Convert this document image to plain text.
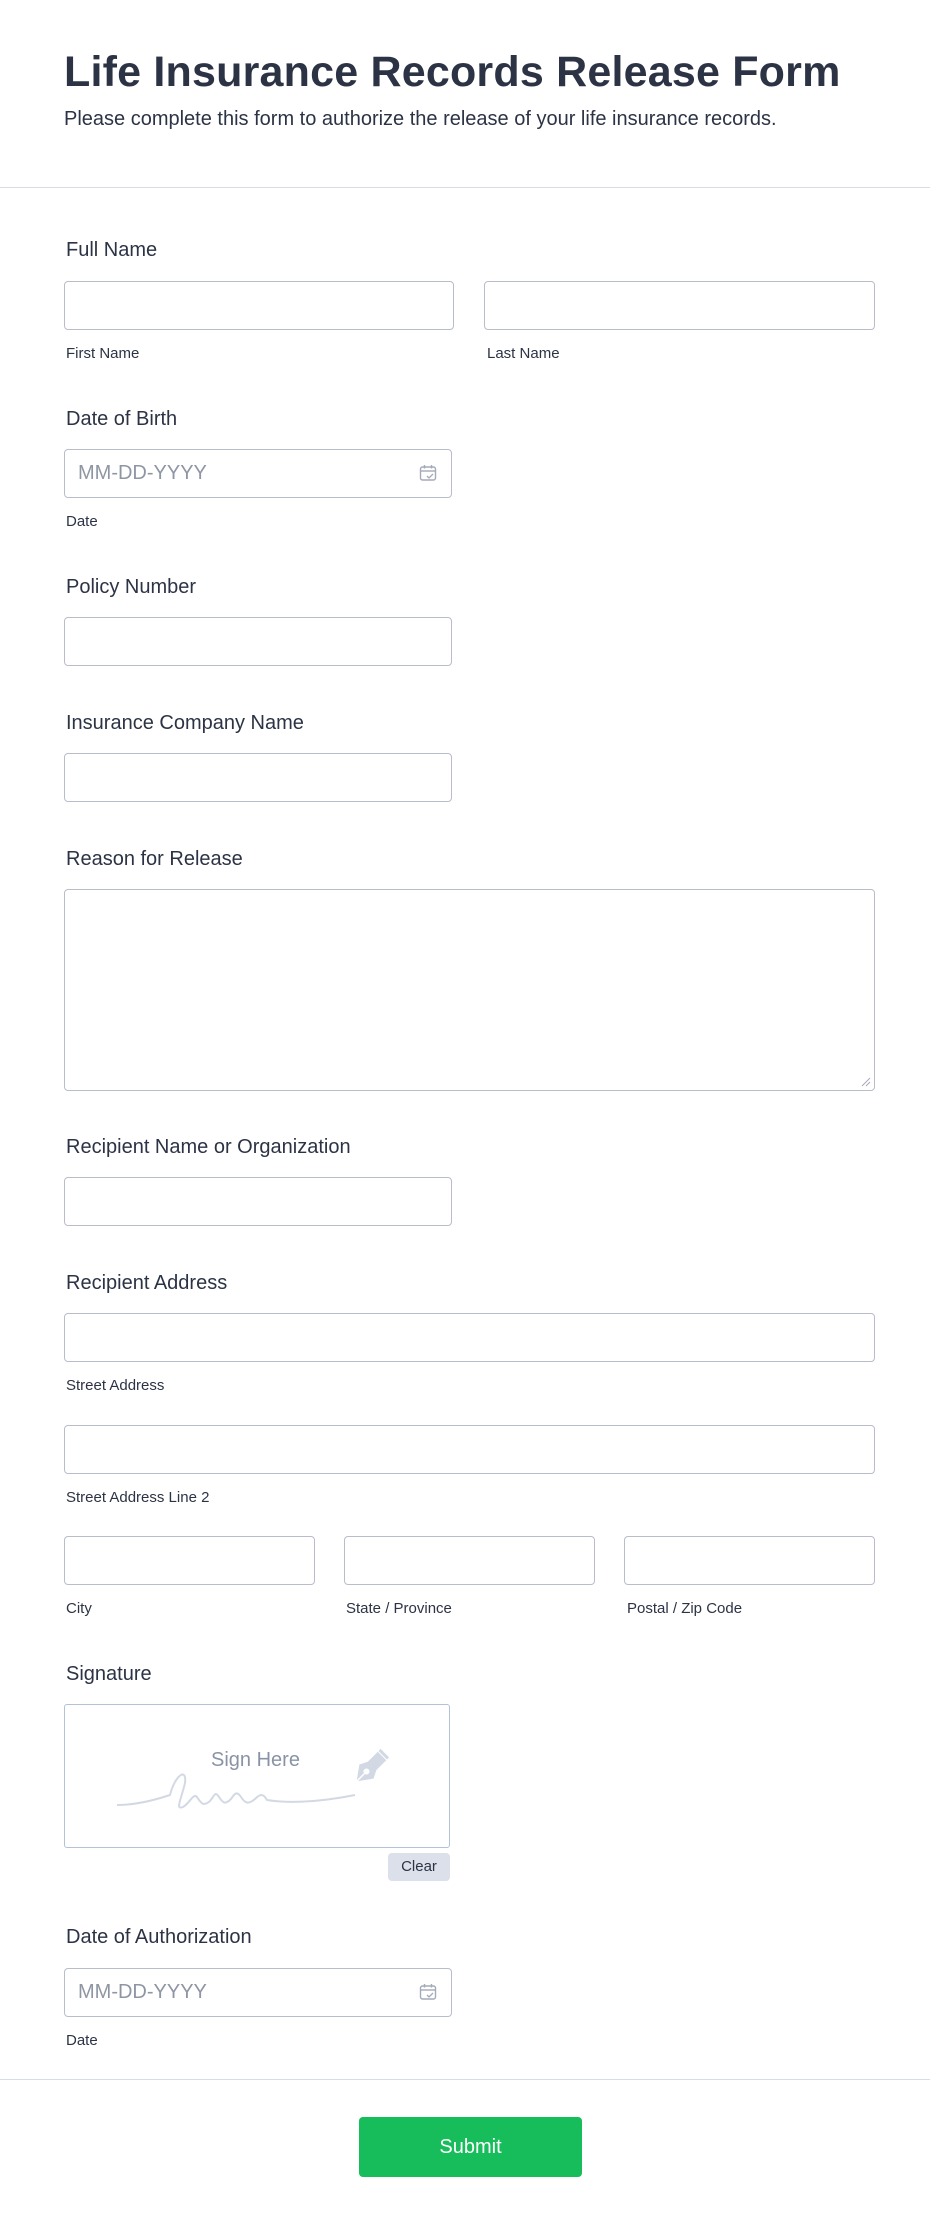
Life Insurance Records Release Form
Please complete this form to authorize the release of your life insurance records.
Full Name
First Name	Last Name
Date of Birth
MM-DD-YYYY
Date
Policy Number
Insurance Company Name
Reason for Release
Recipient Name or Organization
Recipient Address
Street Address
Street Address Line 2
City	State / Province	Postal / Zip Code
Signature
Sign Here
Clear
Date of Authorization
MM-DD-YYYY
Date
Submit
